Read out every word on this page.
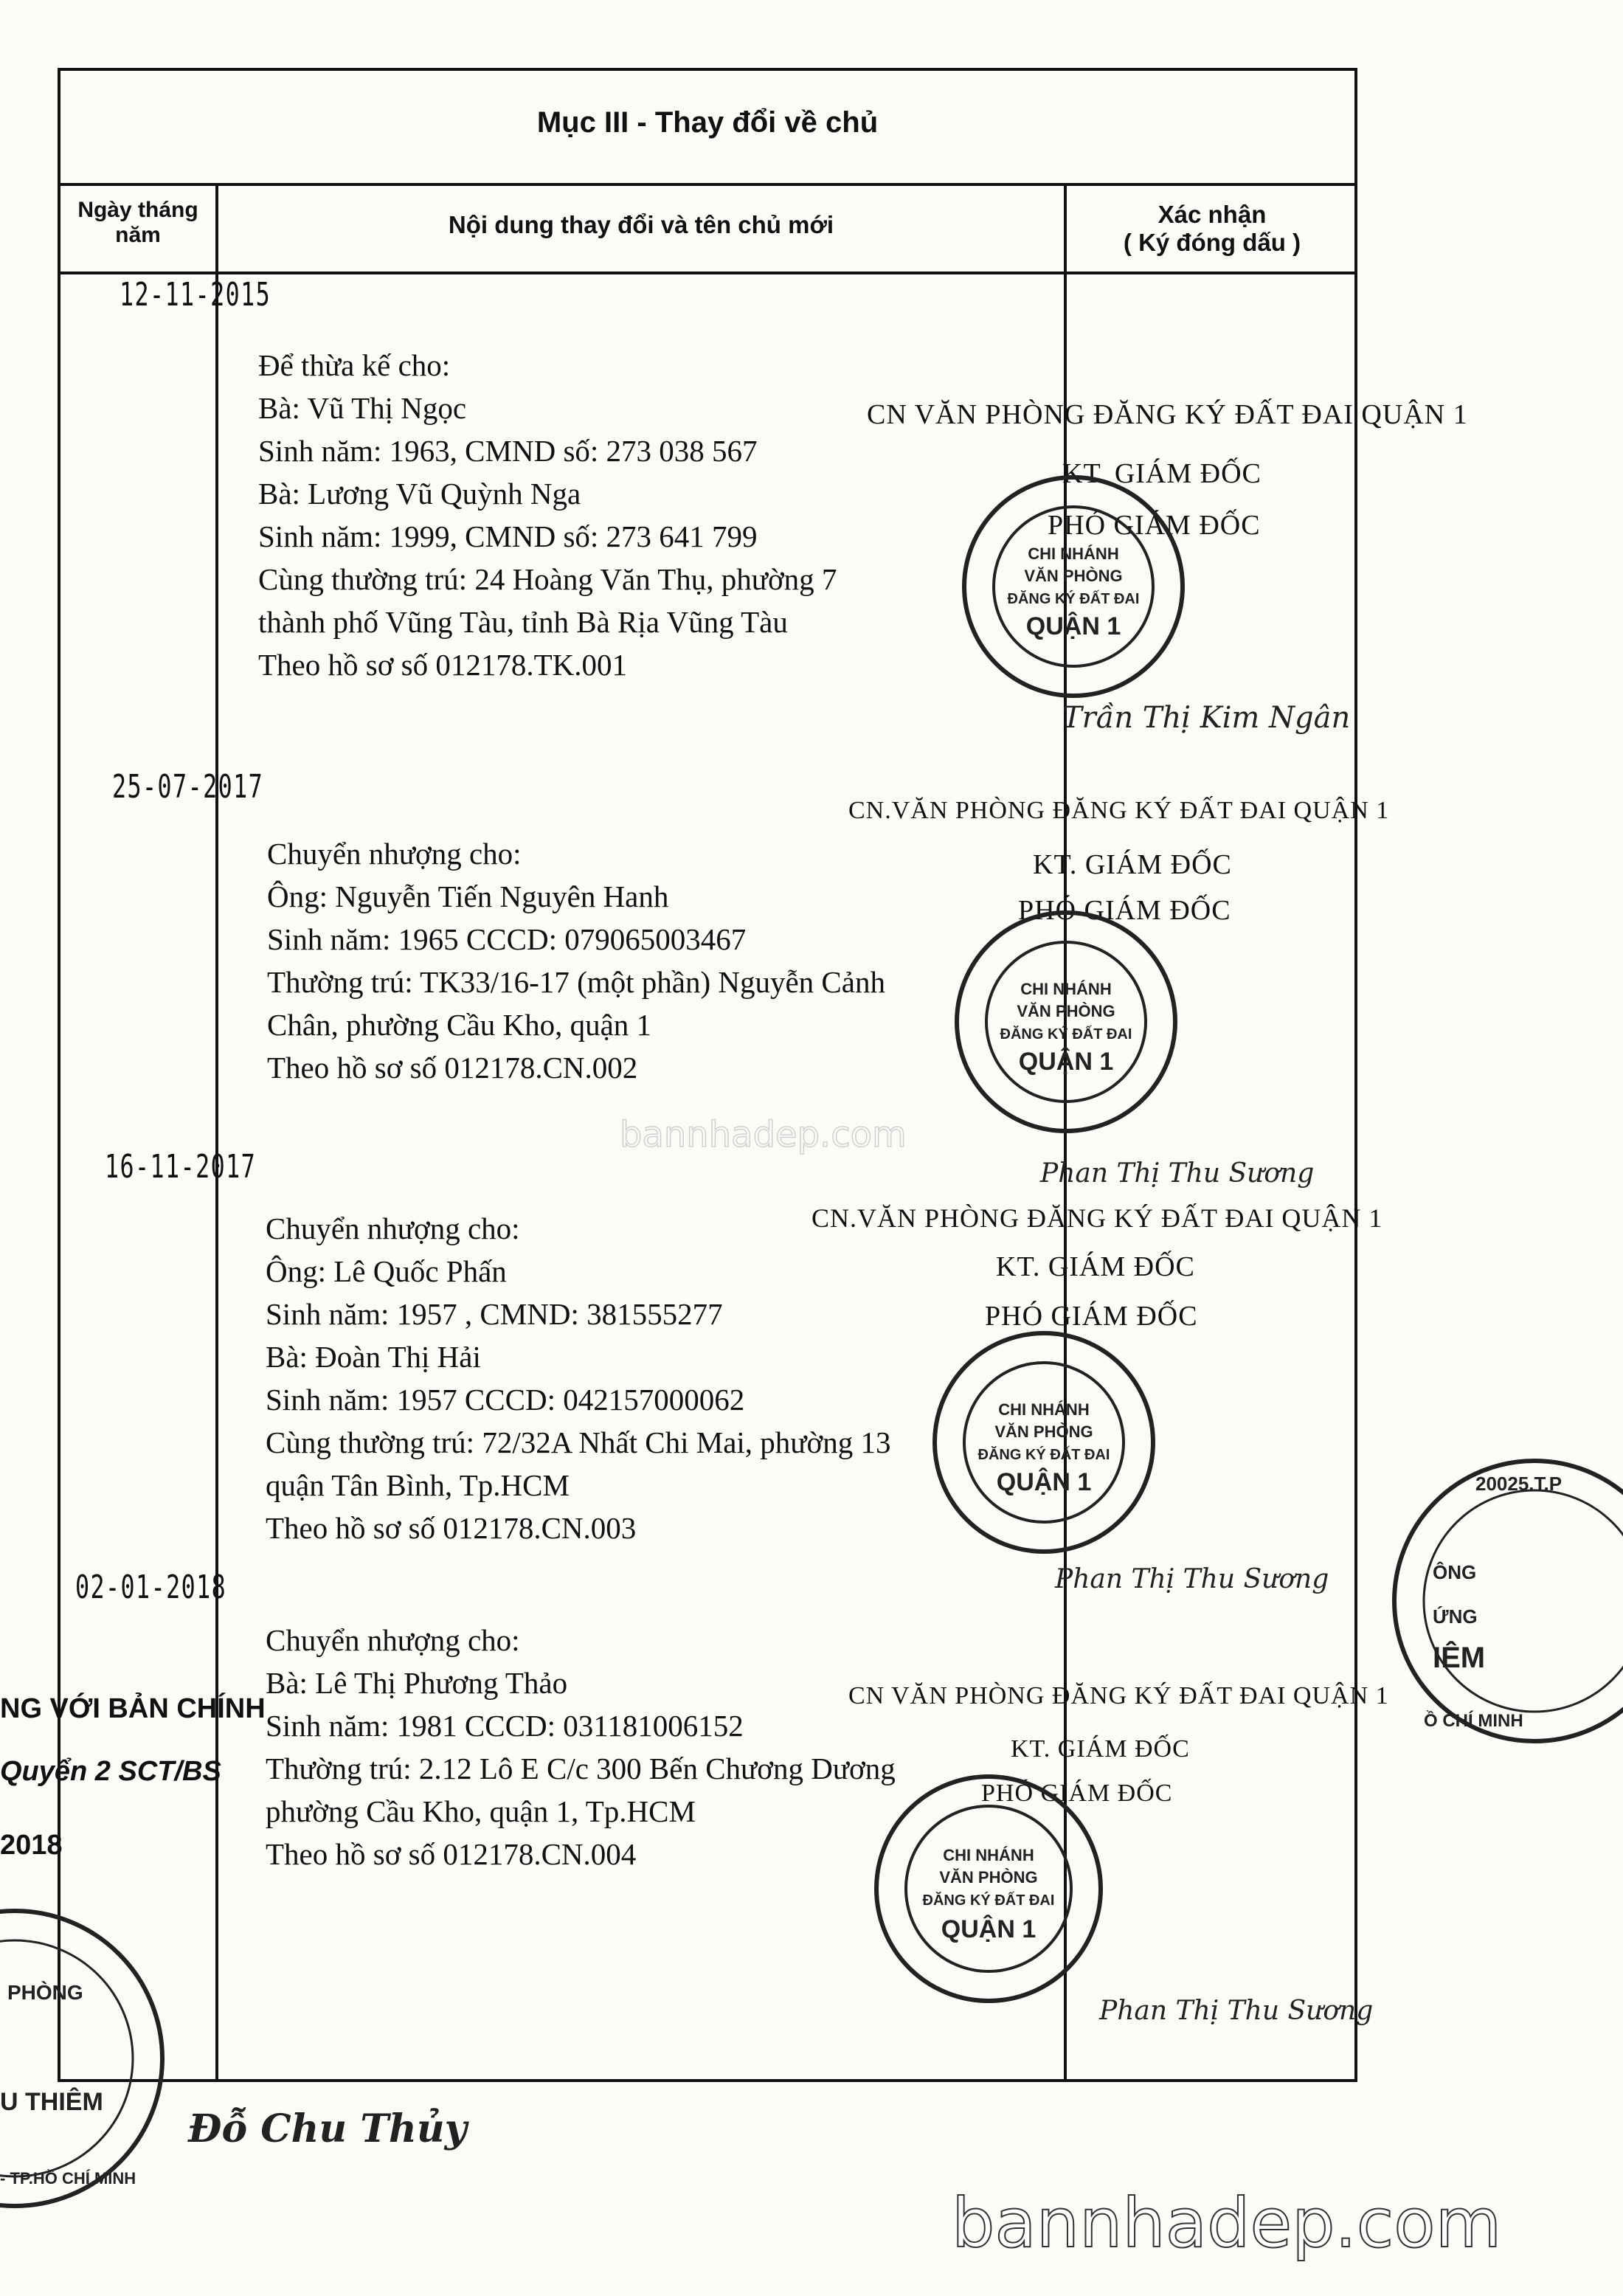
Mục III - Thay đổi về chủ
Ngày tháng năm	Nội dung thay đổi và tên chủ mới	Xác nhận
( Ký đóng dấu )
12-11-2015
Để thừa kế cho:
Bà: Vũ Thị Ngọc
Sinh năm: 1963, CMND số: 273 038 567
Bà: Lương Vũ Quỳnh Nga
Sinh năm: 1999, CMND số: 273 641 799
Cùng thường trú: 24 Hoàng Văn Thụ, phường 7
thành phố Vũng Tàu, tỉnh Bà Rịa Vũng Tàu
Theo hồ sơ số 012178.TK.001
25-07-2017
Chuyển nhượng cho:
Ông: Nguyễn Tiến Nguyên Hanh
Sinh năm: 1965 CCCD: 079065003467
Thường trú: TK33/16-17 (một phần) Nguyễn Cảnh
Chân, phường Cầu Kho, quận 1
Theo hồ sơ số 012178.CN.002
16-11-2017
Chuyển nhượng cho:
Ông: Lê Quốc Phấn
Sinh năm: 1957 , CMND: 381555277
Bà: Đoàn Thị Hải
Sinh năm: 1957 CCCD: 042157000062
Cùng thường trú: 72/32A Nhất Chi Mai, phường 13
quận Tân Bình, Tp.HCM
Theo hồ sơ số 012178.CN.003
02-01-2018
Chuyển nhượng cho:
Bà: Lê Thị Phương Thảo
Sinh năm: 1981 CCCD: 031181006152
Thường trú: 2.12 Lô E C/c 300 Bến Chương Dương
phường Cầu Kho, quận 1, Tp.HCM
Theo hồ sơ số 012178.CN.004
CN VĂN PHÒNG ĐĂNG KÝ ĐẤT ĐAI QUẬN 1
KT. GIÁM ĐỐC
PHÓ GIÁM ĐỐC
Trần Thị Kim Ngân
CN.VĂN PHÒNG ĐĂNG KÝ ĐẤT ĐAI QUẬN 1
KT. GIÁM ĐỐC
PHÓ GIÁM ĐỐC
Phan Thị Thu Sương
CN.VĂN PHÒNG ĐĂNG KÝ ĐẤT ĐAI QUẬN 1
KT. GIÁM ĐỐC
PHÓ GIÁM ĐỐC
Phan Thị Thu Sương
CN VĂN PHÒNG ĐĂNG KÝ ĐẤT ĐAI QUẬN 1
KT. GIÁM ĐỐC
PHÓ GIÁM ĐỐC
Phan Thị Thu Sương
CHI NHÁNH
VĂN PHÒNG
ĐĂNG KÝ ĐẤT ĐAI
QUẬN 1
CHI NHÁNH
VĂN PHÒNG
ĐĂNG KÝ ĐẤT ĐAI
QUẬN 1
CHI NHÁNH
VĂN PHÒNG
ĐĂNG KÝ ĐẤT ĐAI
QUẬN 1
CHI NHÁNH
VĂN PHÒNG
ĐĂNG KÝ ĐẤT ĐAI
QUẬN 1
20025.T.P
ÔNG
ỨNG
IÊM
Ồ CHÍ MINH
NG VỚI BẢN CHÍNH
Quyển 2 SCT/BS
2018
PHÒNG
U THIÊM
- TP.HỒ CHÍ MINH
Đỗ Chu Thủy
bannhadep.com
bannhadep.com
